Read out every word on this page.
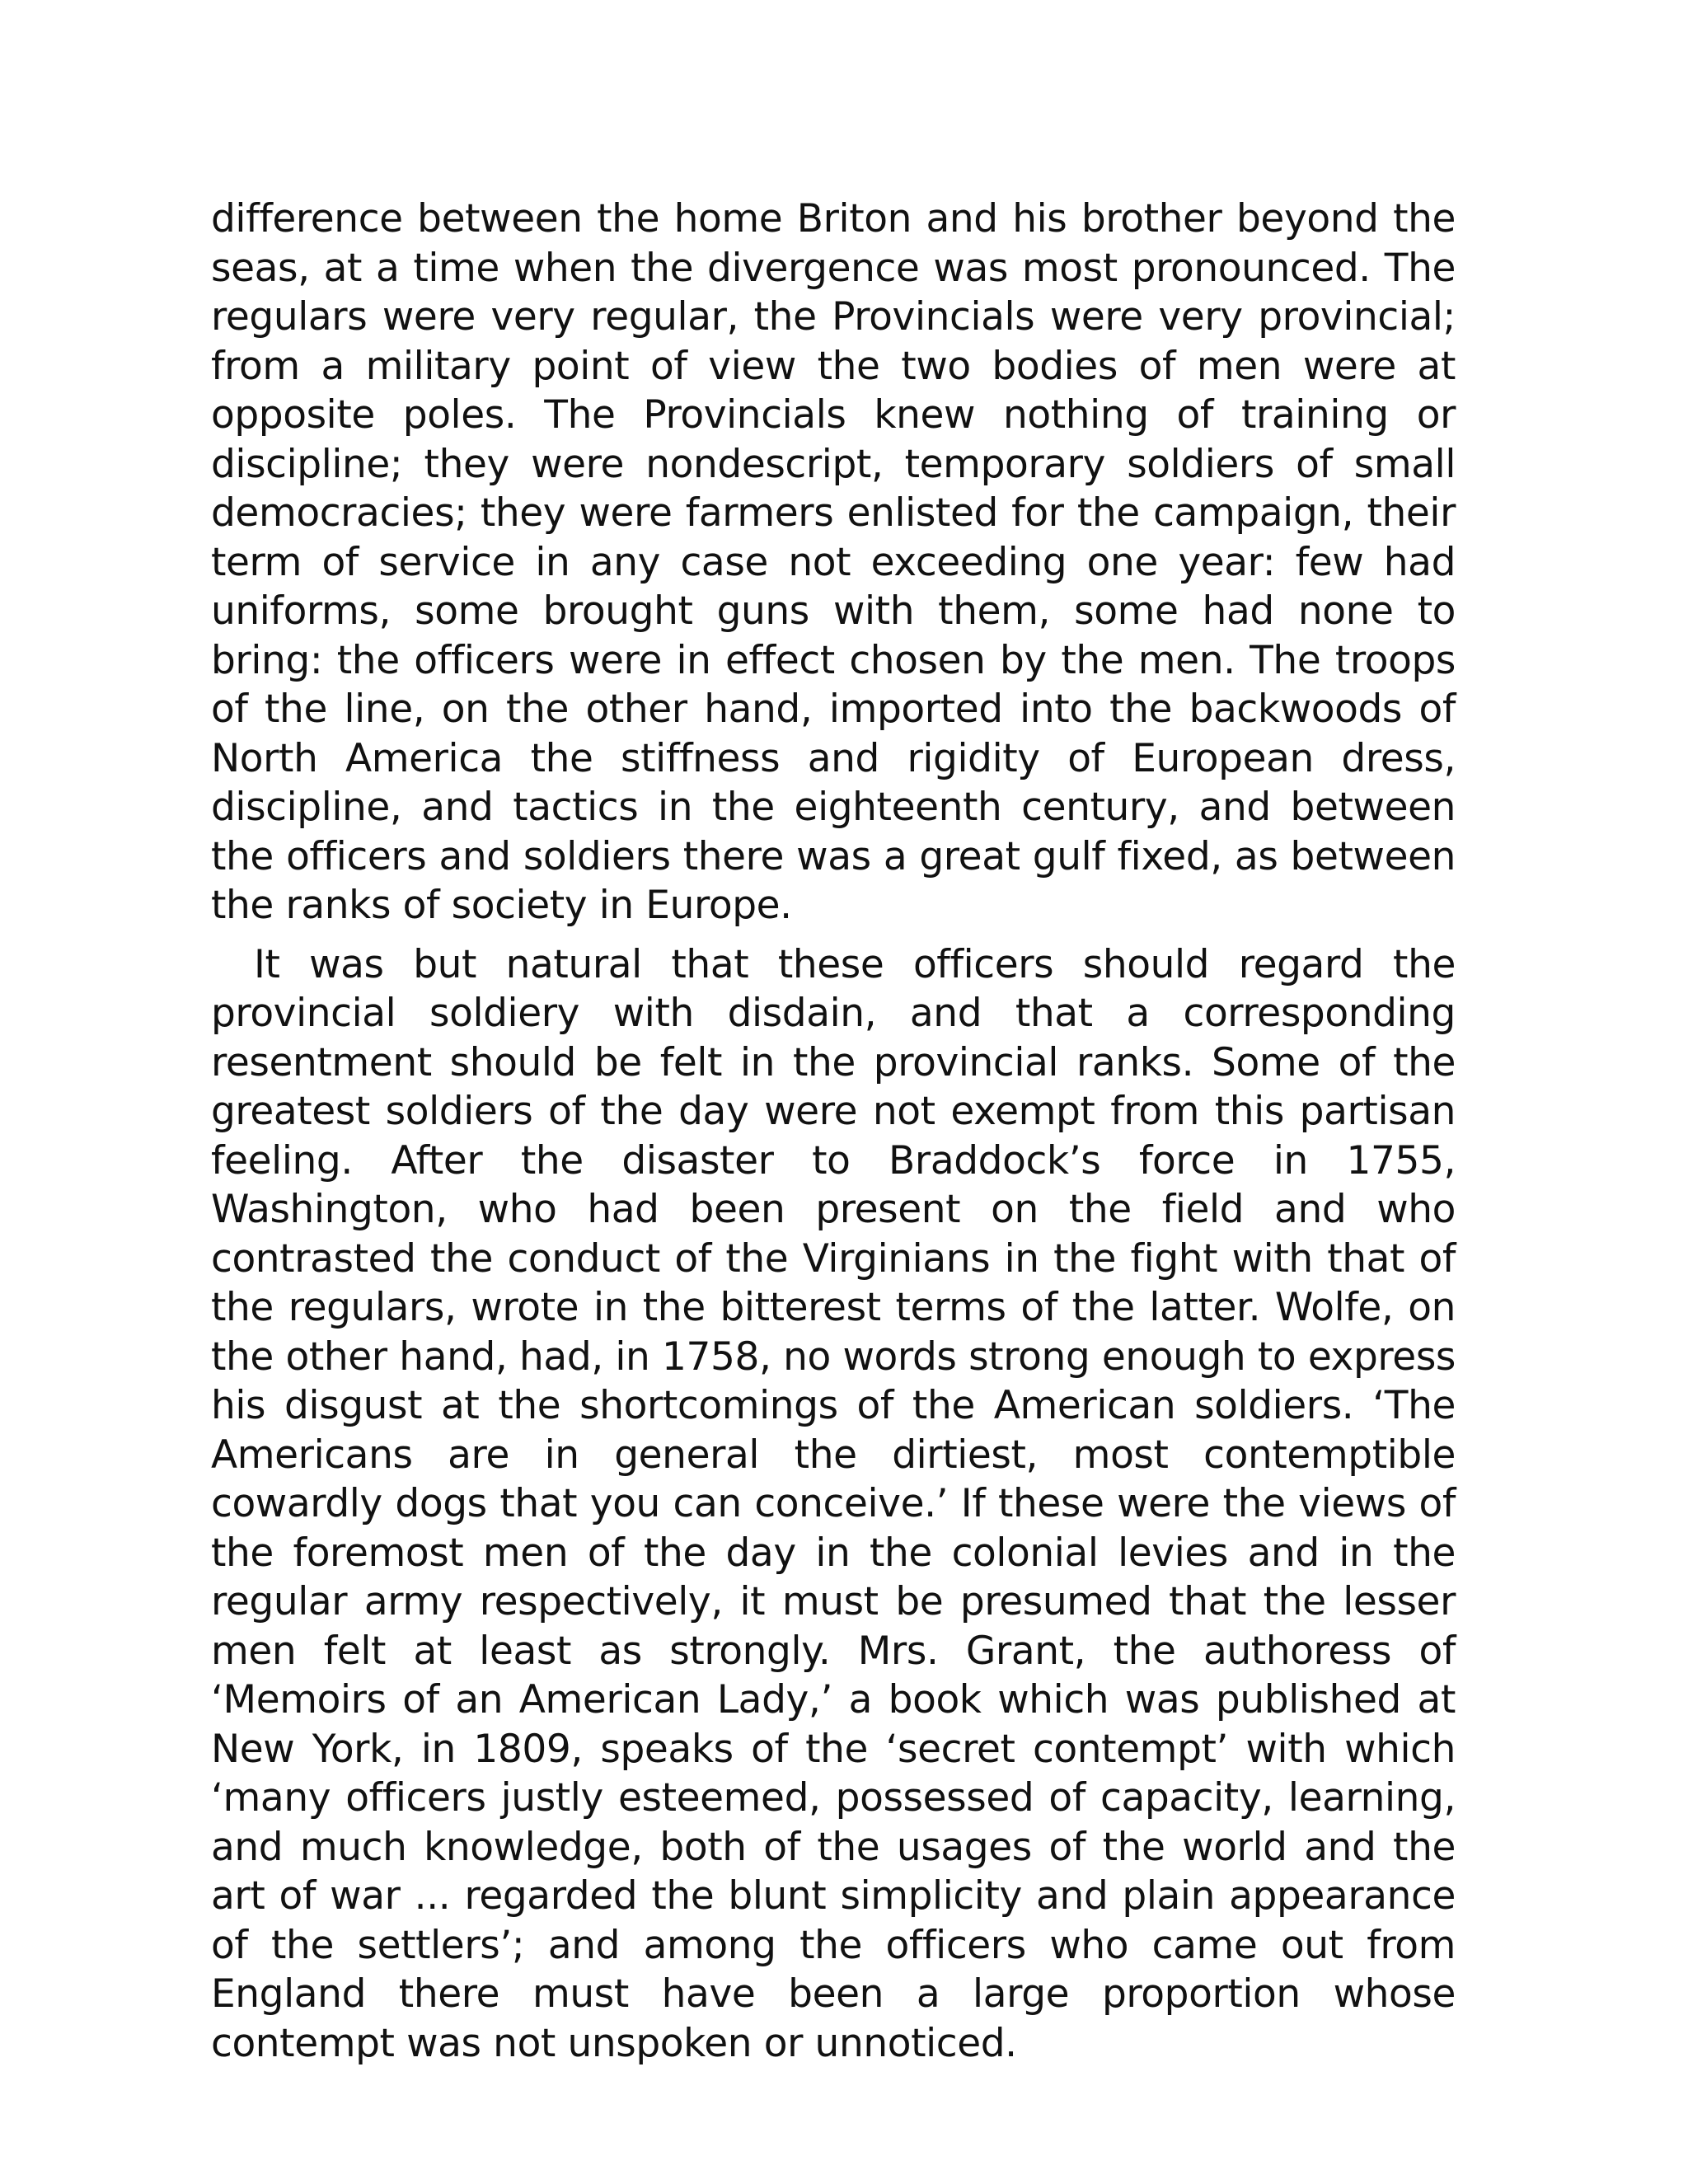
difference between the home Briton and his brother beyond the seas, at a time when the divergence was most pronounced. The regulars were very regular, the Provincials were very provincial; from a military point of view the two bodies of men were at opposite poles. The Provincials knew nothing of training or discipline; they were nondescript, temporary soldiers of small democracies; they were farmers enlisted for the campaign, their term of service in any case not exceeding one year: few had uniforms, some brought guns with them, some had none to bring: the officers were in effect chosen by the men. The troops of the line, on the other hand, imported into the backwoods of North America the stiffness and rigidity of European dress, discipline, and tactics in the eighteenth century, and between the officers and soldiers there was a great gulf fixed, as between the ranks of society in Europe.

It was but natural that these officers should regard the provincial soldiery with disdain, and that a corresponding resentment should be felt in the provincial ranks. Some of the greatest soldiers of the day were not exempt from this partisan feeling. After the disaster to Braddock’s force in 1755, Washington, who had been present on the field and who contrasted the conduct of the Virginians in the fight with that of the regulars, wrote in the bitterest terms of the latter. Wolfe, on the other hand, had, in 1758, no words strong enough to express his disgust at the shortcomings of the American soldiers. ‘The Americans are in general the dirtiest, most contemptible cowardly dogs that you can conceive.’ If these were the views of the foremost men of the day in the colonial levies and in the regular army respectively, it must be presumed that the lesser men felt at least as strongly. Mrs. Grant, the authoress of ‘Memoirs of an American Lady,’ a book which was published at New York, in 1809, speaks of the ‘secret contempt’ with which ‘many officers justly esteemed, possessed of capacity, learning, and much knowledge, both of the usages of the world and the art of war ... regarded the blunt simplicity and plain appearance of the settlers’; and among the officers who came out from England there must have been a large proportion whose contempt was not unspoken or unnoticed.
